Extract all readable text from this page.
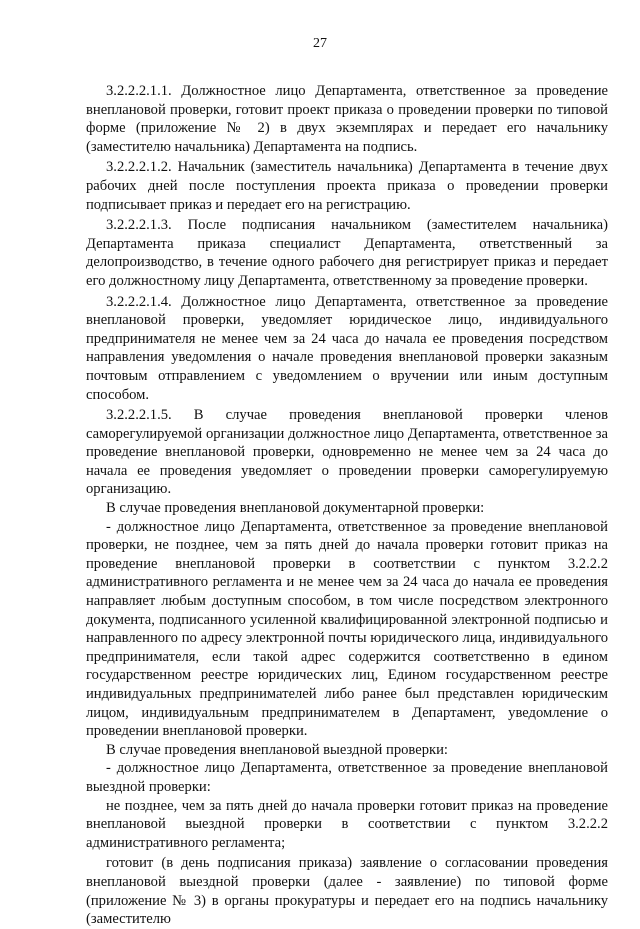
27

3.2.2.2.1.1. Должностное лицо Департамента, ответственное за проведение внеплановой проверки, готовит проект приказа о проведении проверки по типовой форме (приложение № 2) в двух экземплярах и передает его начальнику (заместителю начальника) Департамента на подпись.

3.2.2.2.1.2. Начальник (заместитель начальника) Департамента в течение двух рабочих дней после поступления проекта приказа о проведении проверки подписывает приказ и передает его на регистрацию.

3.2.2.2.1.3. После подписания начальником (заместителем начальника) Департамента приказа специалист Департамента, ответственный за делопроизводство, в течение одного рабочего дня регистрирует приказ и передает его должностному лицу Департамента, ответственному за проведение проверки.

3.2.2.2.1.4. Должностное лицо Департамента, ответственное за проведение внеплановой проверки, уведомляет юридическое лицо, индивидуального предпринимателя не менее чем за 24 часа до начала ее проведения посредством направления уведомления о начале проведения внеплановой проверки заказным почтовым отправлением с уведомлением о вручении или иным доступным способом.

3.2.2.2.1.5. В случае проведения внеплановой проверки членов саморегулируемой организации должностное лицо Департамента, ответственное за проведение внеплановой проверки, одновременно не менее чем за 24 часа до начала ее проведения уведомляет о проведении проверки саморегулируемую организацию.

В случае проведения внеплановой документарной проверки:

- должностное лицо Департамента, ответственное за проведение внеплановой проверки, не позднее, чем за пять дней до начала проверки готовит приказ на проведение внеплановой проверки в соответствии с пунктом 3.2.2.2 административного регламента и не менее чем за 24 часа до начала ее проведения направляет любым доступным способом, в том числе посредством электронного документа, подписанного усиленной квалифицированной электронной подписью и направленного по адресу электронной почты юридического лица, индивидуального предпринимателя, если такой адрес содержится соответственно в едином государственном реестре юридических лиц, Едином государственном реестре индивидуальных предпринимателей либо ранее был представлен юридическим лицом, индивидуальным предпринимателем в Департамент, уведомление о проведении внеплановой проверки.

В случае проведения внеплановой выездной проверки:

- должностное лицо Департамента, ответственное за проведение внеплановой выездной проверки:

не позднее, чем за пять дней до начала проверки готовит приказ на проведение внеплановой выездной проверки в соответствии с пунктом 3.2.2.2 административного регламента;

готовит (в день подписания приказа) заявление о согласовании проведения внеплановой выездной проверки (далее - заявление) по типовой форме (приложение № 3) в органы прокуратуры и передает его на подпись начальнику (заместителю
